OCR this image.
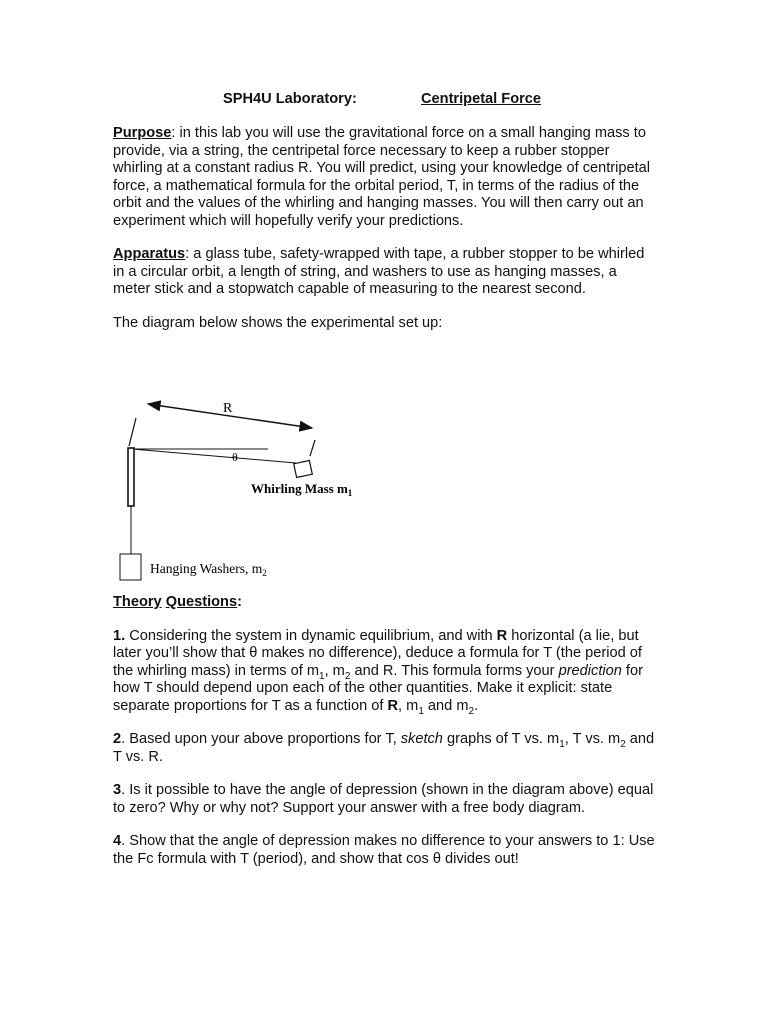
SPH4U Laboratory:	Centripetal Force

Purpose: in this lab you will use the gravitational force on a small hanging mass to provide, via a string, the centripetal force necessary to keep a rubber stopper whirling at a constant radius R. You will predict, using your knowledge of centripetal force, a mathematical formula for the orbital period, T, in terms of the radius of the orbit and the values of the whirling and hanging masses. You will then carry out an experiment which will hopefully verify your predictions.

Apparatus: a glass tube, safety-wrapped with tape, a rubber stopper to be whirled in a circular orbit, a length of string, and washers to use as hanging masses, a meter stick and a stopwatch capable of measuring to the nearest second.

The diagram below shows the experimental set up:

R
θ
Whirling Mass $m_1$
Hanging Washers, $m_2$

Theory Questions:

1. Considering the system in dynamic equilibrium, and with R horizontal (a lie, but later you’ll show that θ makes no difference), deduce a formula for T (the period of the whirling mass) in terms of $m_1$, $m_2$ and R. This formula forms your prediction for how T should depend upon each of the other quantities. Make it explicit: state separate proportions for T as a function of R, $m_1$ and $m_2$.

2. Based upon your above proportions for T, sketch graphs of T vs. $m_1$, T vs. $m_2$ and T vs. R.

3. Is it possible to have the angle of depression (shown in the diagram above) equal to zero? Why or why not? Support your answer with a free body diagram.

4. Show that the angle of depression makes no difference to your answers to 1: Use the Fc formula with T (period), and show that cos θ divides out!
